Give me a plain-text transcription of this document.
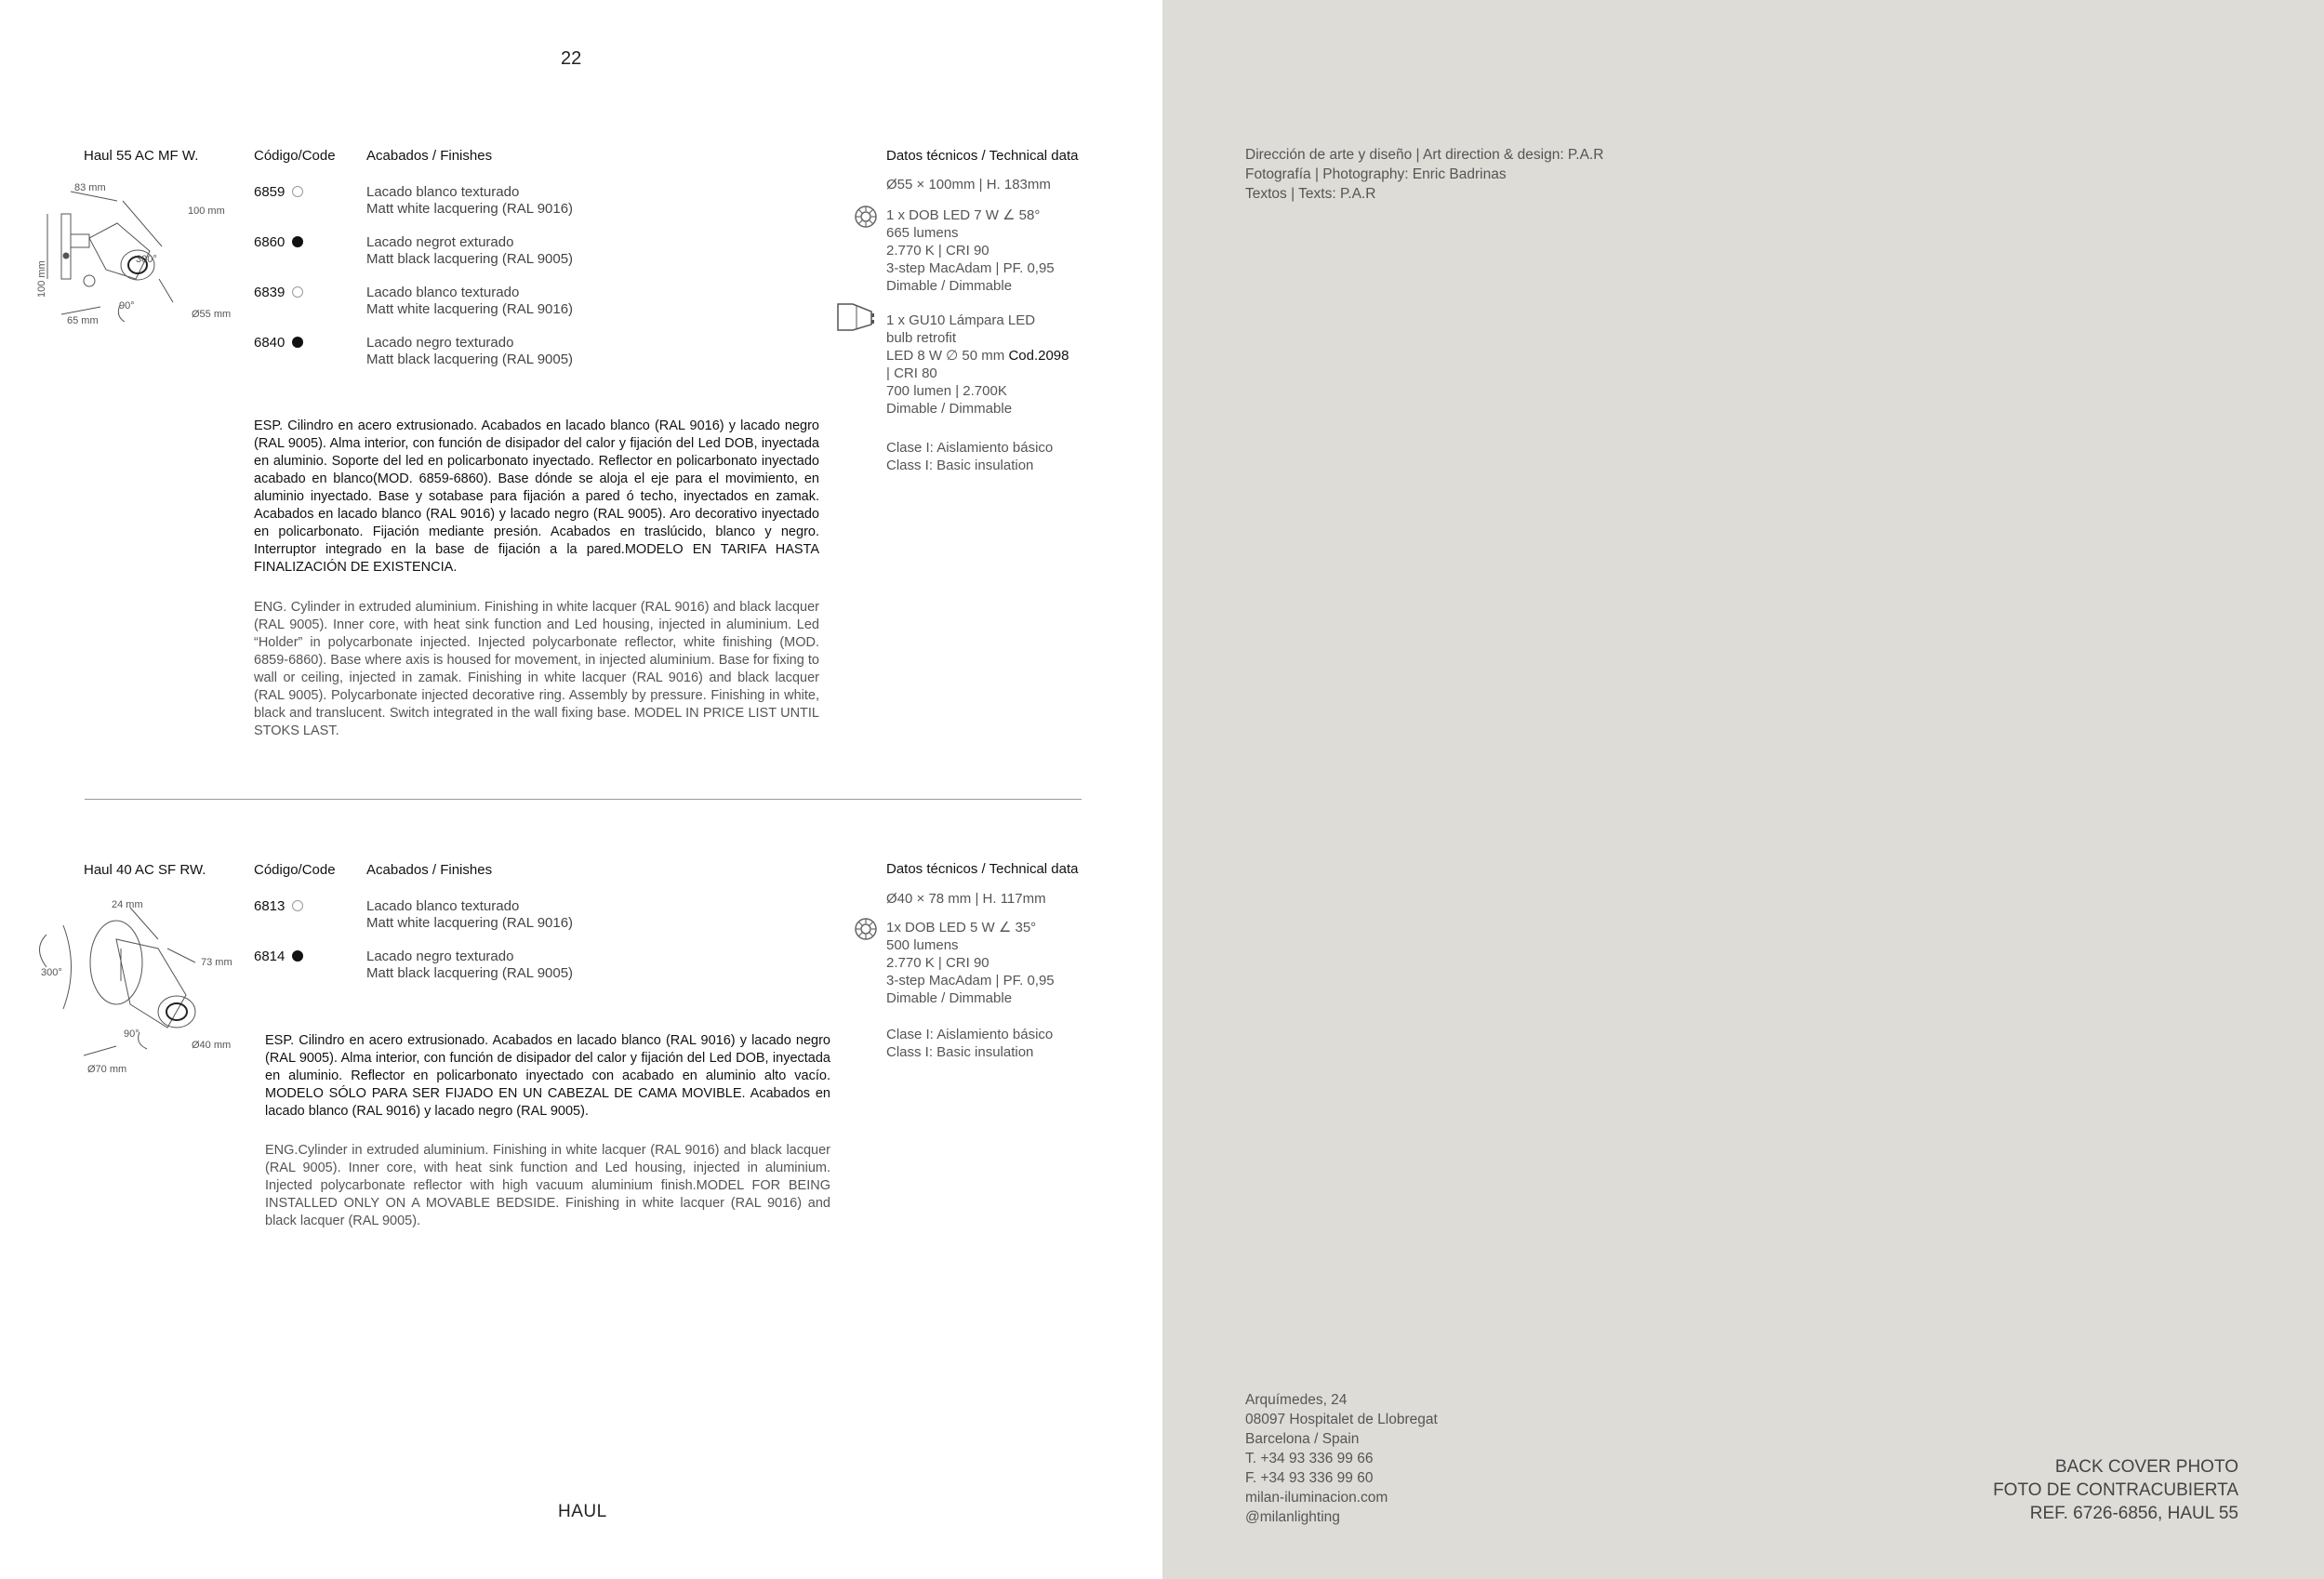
22
Haul 55 AC MF W.	Código/Code Acabados / Finishes	Datos técnicos / Technical data
83 mm
100 mm
300°
100 mm
90°
Ø55 mm
65 mm
6859	Lacado blanco texturado
Matt white lacquering (RAL 9016)
6860	Lacado negrot exturado
Matt black lacquering (RAL 9005)
6839	Lacado blanco texturado
Matt white lacquering (RAL 9016)
6840	Lacado negro texturado
Matt black lacquering (RAL 9005)
Ø55 × 100mm | H. 183mm
1 x DOB LED 7 W ∠ 58°
665 lumens
2.770 K | CRI 90
3-step MacAdam | PF. 0,95
Dimable / Dimmable
1 x GU10 Lámpara LED
bulb retrofit
LED 8 W ∅ 50 mm Cod.2098
| CRI 80
700 lumen | 2.700K
Dimable / Dimmable
Clase I: Aislamiento básico
Class I: Basic insulation
ESP. Cilindro en acero extrusionado. Acabados en lacado blanco (RAL 9016) y lacado negro (RAL 9005). Alma interior, con función de disipador del calor y fijación del Led DOB, inyectada en aluminio. Soporte del led en policarbonato inyectado. Reflector en policarbonato inyectado acabado en blanco(MOD. 6859-6860). Base dónde se aloja el eje para el movimiento, en aluminio inyectado. Base y sotabase para fijación a pared ó techo, inyectados en zamak. Acabados en lacado blanco (RAL 9016) y lacado negro (RAL 9005). Aro decorativo inyectado en policarbonato. Fijación mediante presión. Acabados en traslúcido, blanco y negro. Interruptor integrado en la base de fijación a la pared.MODELO EN TARIFA HASTA FINALIZACIÓN DE EXISTENCIA.
ENG. Cylinder in extruded aluminium. Finishing in white lacquer (RAL 9016) and black lacquer (RAL 9005). Inner core, with heat sink function and Led housing, injected in aluminium. Led “Holder” in polycarbonate injected. Injected polycarbonate reflector, white finishing (MOD. 6859-6860). Base where axis is housed for movement, in injected aluminium. Base for fixing to wall or ceiling, injected in zamak. Finishing in white lacquer (RAL 9016) and black lacquer (RAL 9005). Polycarbonate injected decorative ring. Assembly by pressure. Finishing in white, black and translucent. Switch integrated in the wall fixing base. MODEL IN PRICE LIST UNTIL STOKS LAST.
Haul 40 AC SF RW.	Código/Code Acabados / Finishes	Datos técnicos / Technical data
24 mm
73 mm
300°
90°
Ø40 mm
Ø70 mm
6813	Lacado blanco texturado
Matt white lacquering (RAL 9016)
6814	Lacado negro texturado
Matt black lacquering (RAL 9005)
Ø40 × 78 mm | H. 117mm
1x DOB LED 5 W ∠ 35°
500 lumens
2.770 K | CRI 90
3-step MacAdam | PF. 0,95
Dimable / Dimmable
Clase I: Aislamiento básico
Class I: Basic insulation
ESP. Cilindro en acero extrusionado. Acabados en lacado blanco (RAL 9016) y lacado negro (RAL 9005). Alma interior, con función de disipador del calor y fijación del Led DOB, inyectada en aluminio. Reflector en policarbonato inyectado con acabado en aluminio alto vacío. MODELO SÓLO PARA SER FIJADO EN UN CABEZAL DE CAMA MOVIBLE. Acabados en lacado blanco (RAL 9016) y lacado negro (RAL 9005).
ENG.Cylinder in extruded aluminium. Finishing in white lacquer (RAL 9016) and black lacquer (RAL 9005). Inner core, with heat sink function and Led housing, injected in aluminium. Injected polycarbonate reflector with high vacuum aluminium finish.MODEL FOR BEING INSTALLED ONLY ON A MOVABLE BEDSIDE. Finishing in white lacquer (RAL 9016) and black lacquer (RAL 9005).
HAUL
Dirección de arte y diseño | Art direction & design: P.A.R
Fotografía | Photography: Enric Badrinas
Textos | Texts: P.A.R
Arquímedes, 24
08097 Hospitalet de Llobregat
Barcelona / Spain
T. +34 93 336 99 66
F. +34 93 336 99 60
milan-iluminacion.com
@milanlighting
BACK COVER PHOTO
FOTO DE CONTRACUBIERTA
REF. 6726-6856, HAUL 55
